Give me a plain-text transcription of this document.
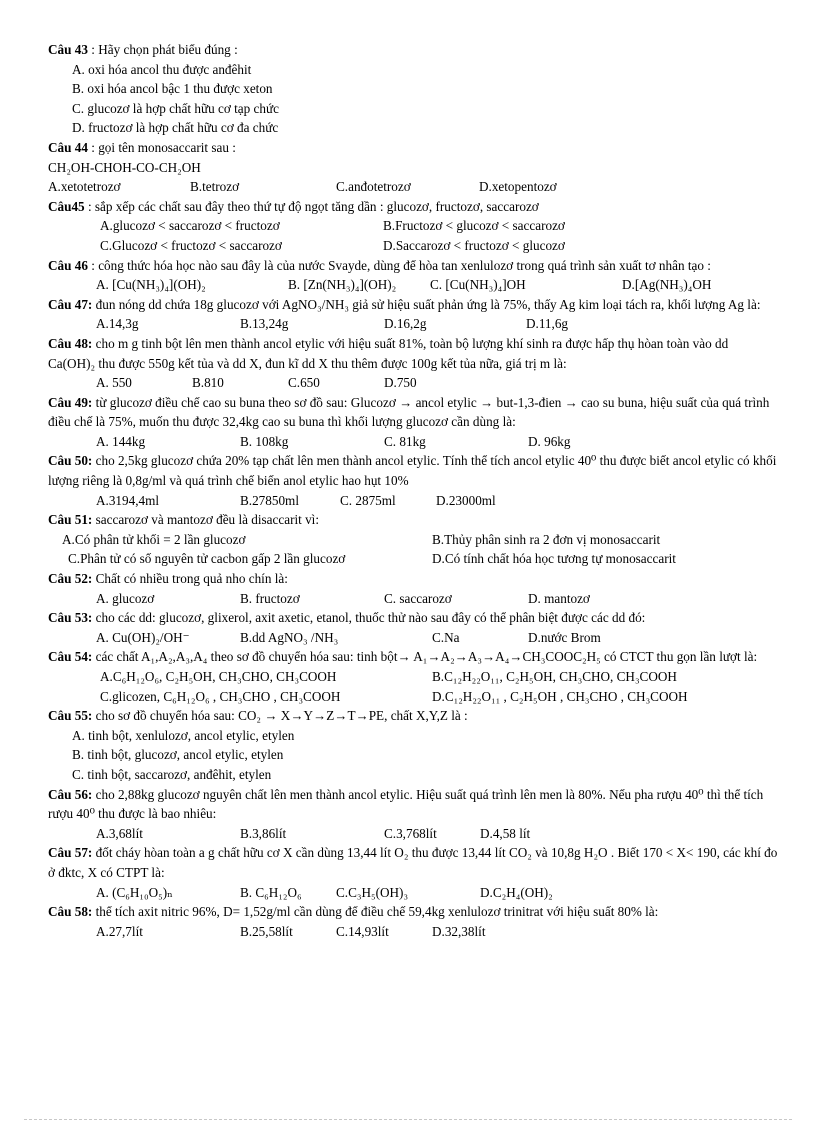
Câu 43 : Hãy chọn phát biểu đúng :
A. oxi hóa ancol thu được anđêhit
B. oxi hóa ancol bậc 1 thu được xeton
C. glucozơ là hợp chất hữu cơ tạp chức
D. fructozơ là hợp chất hữu cơ đa chức
Câu 44 : gọi tên monosaccarit sau :
CH₂OH-CHOH-CO-CH₂OH
A.xetotetrozơ	B.tetrozơ	C.anđotetrozơ	D.xetopentozơ
Câu45 : sắp xếp các chất sau đây theo thứ tự độ ngọt tăng dần : glucozơ, fructozơ, saccarozơ
A.glucozơ < saccarozơ < fructozơ	B.Fructozơ < glucozơ < saccarozơ
C.Glucozơ < fructozơ < saccarozơ	D.Saccarozơ < fructozơ < glucozơ
Câu 46 : công thức hóa học nào sau đây là của nước Svayde, dùng để hòa tan xenlulozơ trong quá trình sản xuất tơ nhân tạo :
A. [Cu(NH₃)₄](OH)₂	B. [Zn(NH₃)₄](OH)₂	C. [Cu(NH₃)₄]OH	D.[Ag(NH₃)₄OH
Câu 47: đun nóng dd chứa 18g glucozơ với AgNO₃/NH₃ giả sử hiệu suất phản ứng là 75%, thấy Ag kim loại tách ra, khối lượng Ag là:
A.14,3g	B.13,24g	D.16,2g	D.11,6g
Câu 48: cho m g tinh bột lên men thành ancol etylic với hiệu suất 81%, toàn bộ lượng khí sinh ra được hấp thụ hòan toàn vào dd Ca(OH)₂ thu được 550g kết tủa và dd X, đun kĩ dd X thu thêm được 100g kết tủa nữa, giá trị m là:
A. 550	B.810	C.650	D.750
Câu 49: từ glucozơ điều chế cao su buna theo sơ đồ sau: Glucozơ → ancol etylic → but-1,3-đien → cao su buna, hiệu suất của quá trình điều chế là 75%, muốn thu được 32,4kg cao su buna thì khối lượng glucozơ cần dùng là:
A. 144kg	B. 108kg	C. 81kg	D. 96kg
Câu 50: cho 2,5kg glucozơ chứa 20% tạp chất lên men thành ancol etylic. Tính thể tích ancol etylic 40⁰ thu được biết ancol etylic có khối lượng riêng là 0,8g/ml và quá trình chế biến anol etylic hao hụt 10%
A.3194,4ml	B.27850ml	C. 2875ml	D.23000ml
Câu 51: saccarozơ và mantozơ đều là disaccarit vì:
A.Có phân tử khối = 2 lần glucozơ	B.Thủy phân sinh ra 2 đơn vị monosaccarit
C.Phân tử có số nguyên tử cacbon gấp 2 lần glucozơ	D.Có tính chất hóa học tương tự monosaccarit
Câu 52: Chất có nhiều trong quả nho chín là:
A. glucozơ	B. fructozơ	C. saccarozơ	D. mantozơ
Câu 53: cho các dd: glucozơ, glixerol, axit axetic, etanol, thuốc thử nào sau đây có thể phân biệt được các dd đó:
A. Cu(OH)₂/OH⁻	B.dd AgNO₃ /NH₃	C.Na	D.nước Brom
Câu 54: các chất A₁,A₂,A₃,A₄ theo sơ đồ chuyển hóa sau: tinh bột→ A₁→A₂→A₃→A₄→CH₃COOC₂H₅ có CTCT thu gọn lần lượt là:
A.C₆H₁₂O₆, C₂H₅OH, CH₃CHO, CH₃COOH	B.C₁₂H₂₂O₁₁, C₂H₅OH, CH₃CHO, CH₃COOH
C.glicozen, C₆H₁₂O₆ , CH₃CHO , CH₃COOH	D.C₁₂H₂₂O₁₁ , C₂H₅OH , CH₃CHO , CH₃COOH
Câu 55: cho sơ đồ chuyển hóa sau: CO₂ → X→Y→Z→T→PE, chất X,Y,Z là :
A. tinh bột, xenlulozơ, ancol etylic, etylen
B. tinh bột, glucozơ, ancol etylic, etylen
C. tinh bột, saccarozơ, anđêhit, etylen
Câu 56: cho 2,88kg glucozơ nguyên chất lên men thành ancol etylic. Hiệu suất quá trình lên men là 80%. Nếu pha rượu 40⁰ thì thể tích rượu 40⁰ thu được là bao nhiêu:
A.3,68lít	B.3,86lít	C.3,768lít	D.4,58 lít
Câu 57: đốt cháy hòan toàn a g chất hữu cơ X cần dùng 13,44 lít O₂ thu được 13,44 lít CO₂ và 10,8g H₂O . Biết 170 < X< 190, các khí đo ở đktc, X có CTPT là:
A. (C₆H₁₀O₅)ₙ	B. C₆H₁₂O₆	C.C₃H₅(OH)₃	D.C₂H₄(OH)₂
Câu 58: thể tích axit nitric 96%, D= 1,52g/ml cần dùng để điều chế 59,4kg xenlulozơ trinitrat với hiệu suất 80% là:
A.27,7lít	B.25,58lít	C.14,93lít	D.32,38lít
